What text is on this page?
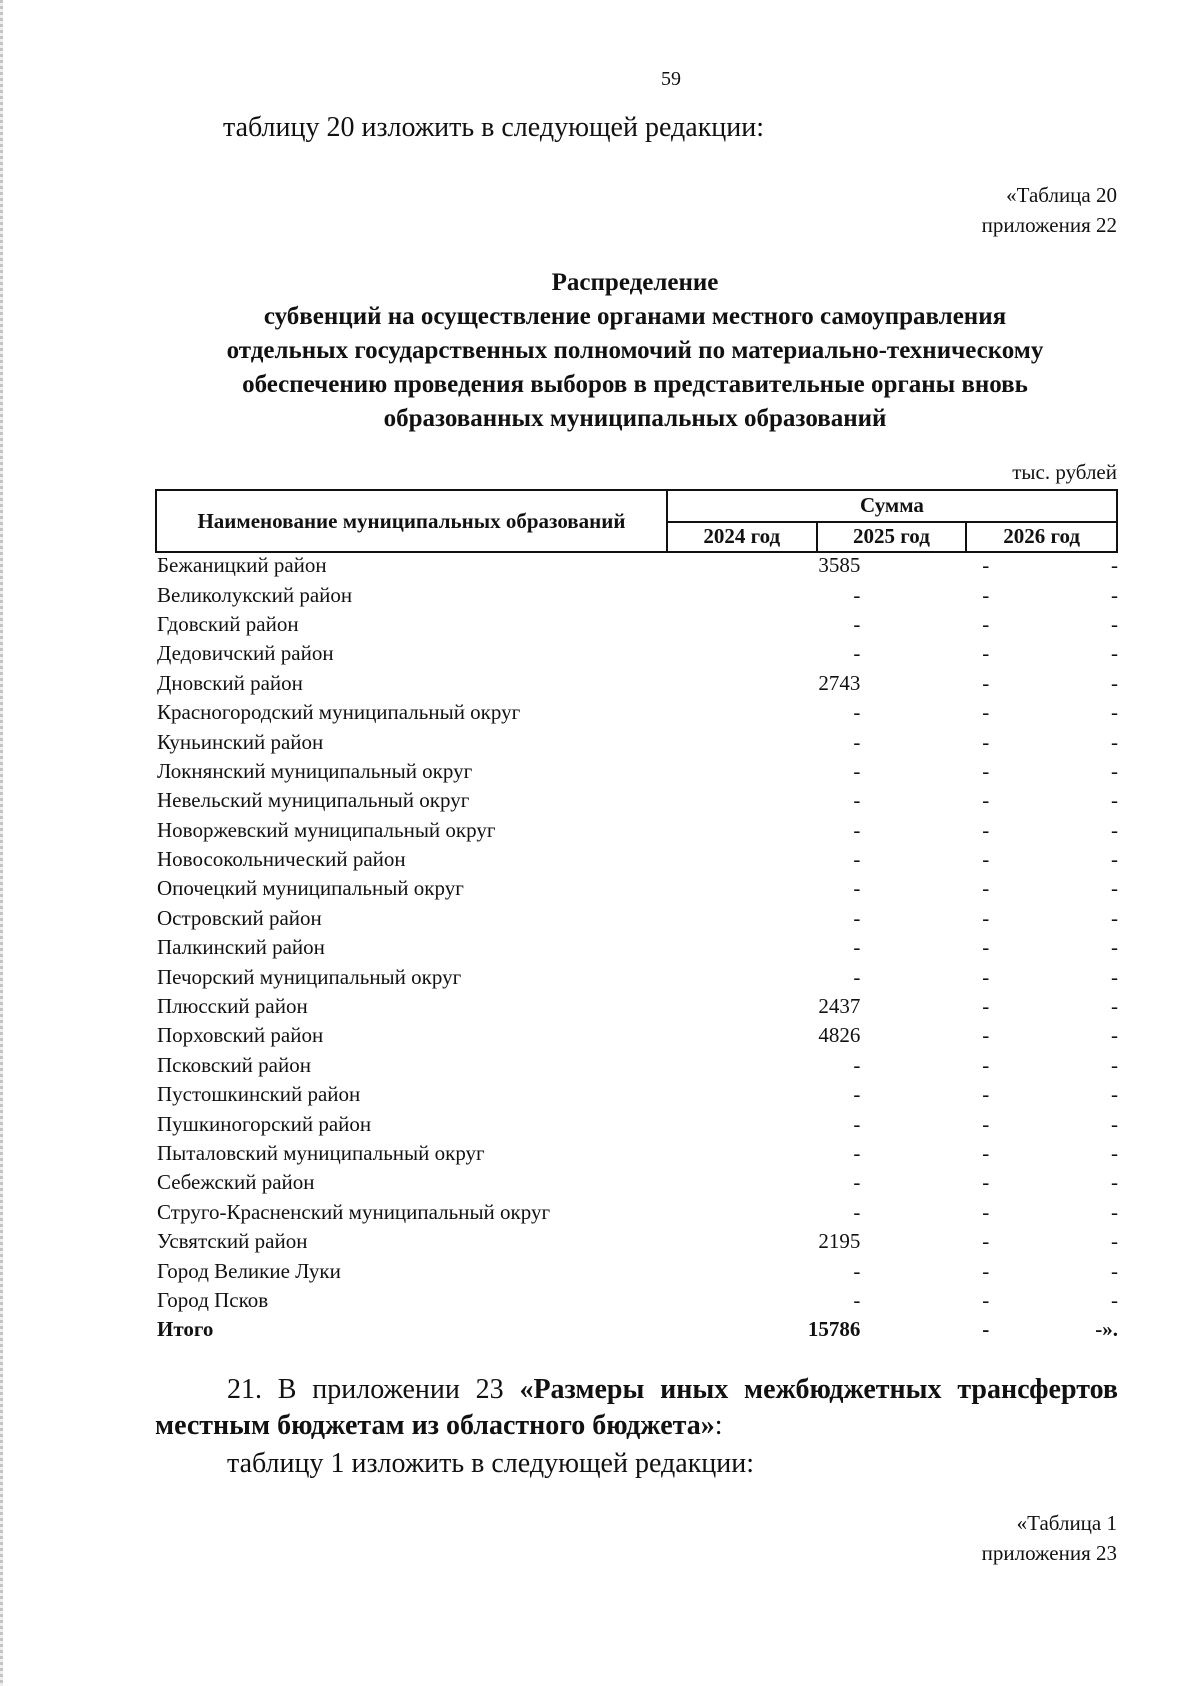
59
таблицу 20 изложить в следующей редакции:
«Таблица 20
приложения 22
Распределение
субвенций на осуществление органами местного самоуправления
отдельных государственных полномочий по материально-техническому
обеспечению проведения выборов в представительные органы вновь
образованных муниципальных образований
тыс. рублей
Наименование муниципальных образований	Сумма		
	2024 год	2025 год	2026 год
Бежаницкий район	3585	-	-
Великолукский район	-	-	-
Гдовский район	-	-	-
Дедовичский район	-	-	-
Дновский район	2743	-	-
Красногородский муниципальный округ	-	-	-
Куньинский район	-	-	-
Локнянский муниципальный округ	-	-	-
Невельский муниципальный округ	-	-	-
Новоржевский муниципальный округ	-	-	-
Новосокольнический район	-	-	-
Опочецкий муниципальный округ	-	-	-
Островский район	-	-	-
Палкинский район	-	-	-
Печорский муниципальный округ	-	-	-
Плюсский район	2437	-	-
Порховский район	4826	-	-
Псковский район	-	-	-
Пустошкинский район	-	-	-
Пушкиногорский район	-	-	-
Пыталовский муниципальный округ	-	-	-
Себежский район	-	-	-
Струго-Красненский муниципальный округ	-	-	-
Усвятский район	2195	-	-
Город Великие Луки	-	-	-
Город Псков	-	-	-
Итого	15786	-	-».
21. В приложении 23 «Размеры иных межбюджетных трансфертов местным бюджетам из областного бюджета»:
таблицу 1 изложить в следующей редакции:
«Таблица 1
приложения 23
